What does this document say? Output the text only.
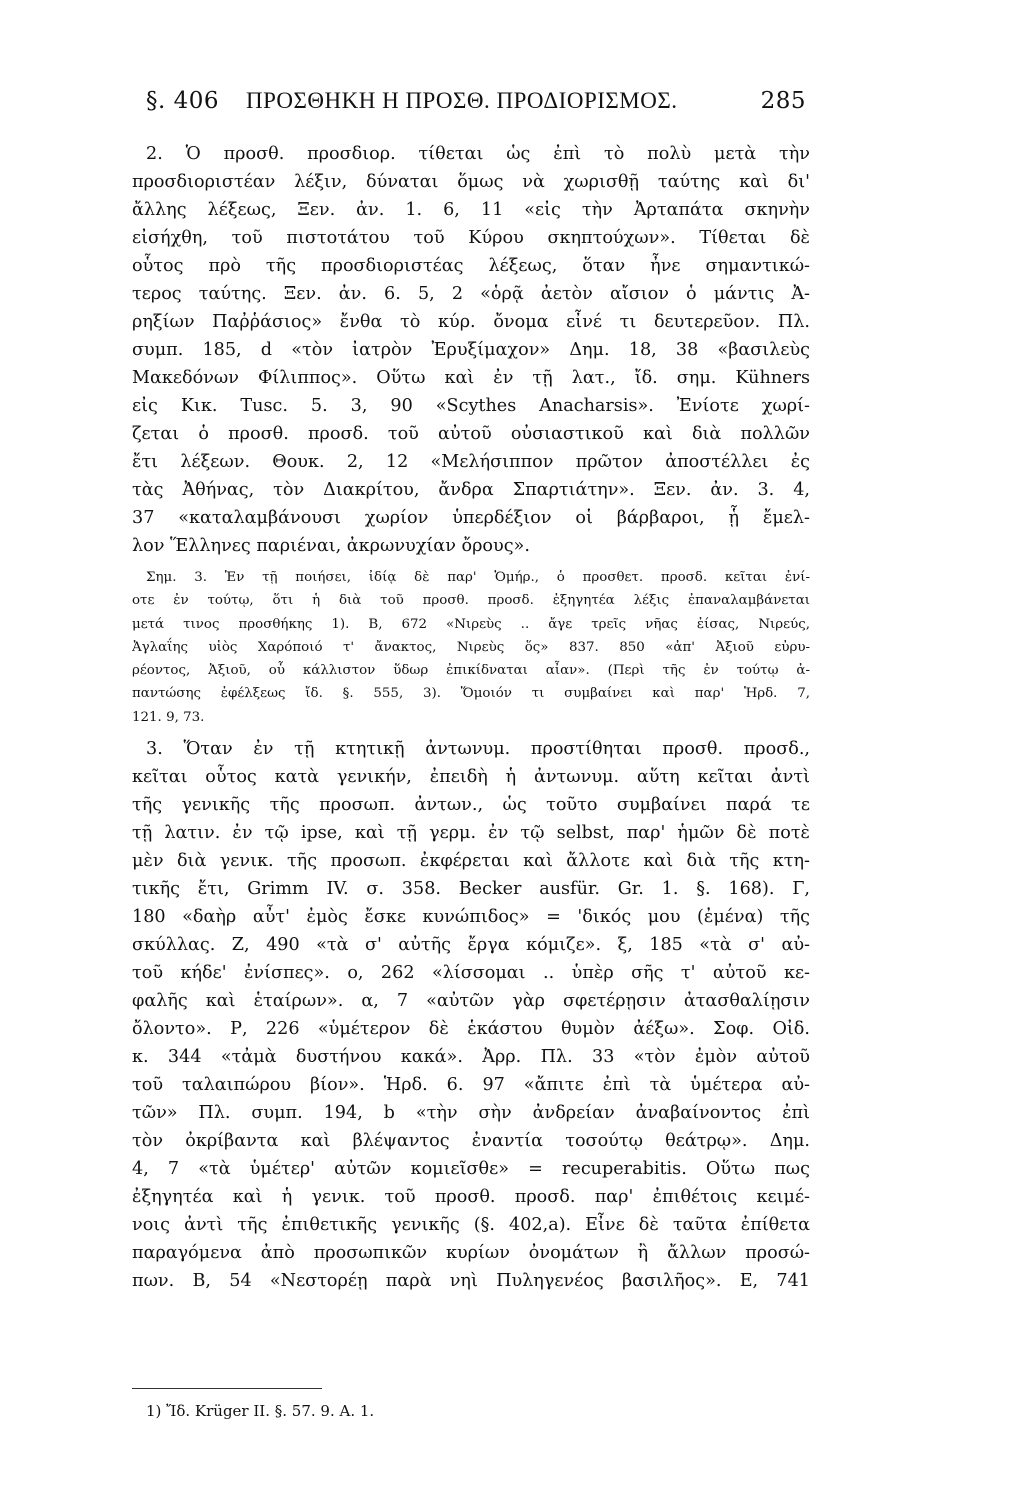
§. 406 ΠΡΟΣΘΗΚΗ Η ΠΡΟΣΘ. ΠΡΟΔΙΟΡΙΣΜΟΣ.	285
2. Ὁ προσθ. προσδιορ. τίθεται ὡς ἐπὶ τὸ πολὺ μετὰ τὴν
προσδιοριστέαν λέξιν, δύναται ὅμως νὰ χωρισθῇ ταύτης καὶ δι'
ἄλλης λέξεως, Ξεν. ἀν. 1. 6, 11 «εἰς τὴν Ἀρταπάτα σκηνὴν
εἰσήχθη, τοῦ πιστοτάτου τοῦ Κύρου σκηπτούχων». Τίθεται δὲ
οὗτος πρὸ τῆς προσδιοριστέας λέξεως, ὅταν ἦνε σημαντικώ-
τερος ταύτης. Ξεν. ἀν. 6. 5, 2 «ὁρᾷ ἀετὸν αἴσιον ὁ μάντις Ἀ-
ρηξίων Παῤῥάσιος» ἔνθα τὸ κύρ. ὄνομα εἶνέ τι δευτερεῦον. Πλ.
συμπ. 185, d «τὸν ἰατρὸν Ἐρυξίμαχον» Δημ. 18, 38 «βασιλεὺς
Μακεδόνων Φίλιππος». Οὕτω καὶ ἐν τῇ λατ., ἴδ. σημ. Kühners
εἰς Κικ. Tusc. 5. 3, 90 «Scythes Anacharsis». Ἐνίοτε χωρί-
ζεται ὁ προσθ. προσδ. τοῦ αὐτοῦ οὐσιαστικοῦ καὶ διὰ πολλῶν
ἔτι λέξεων. Θουκ. 2, 12 «Μελήσιππον πρῶτον ἀποστέλλει ἐς
τὰς Ἀθήνας, τὸν Διακρίτου, ἄνδρα Σπαρτιάτην». Ξεν. ἀν. 3. 4,
37 «καταλαμβάνουσι χωρίον ὑπερδέξιον οἱ βάρβαροι, ᾗ ἔμελ-
λον Ἕλληνες παριέναι, ἀκρωνυχίαν ὄρους».
Σημ. 3. Ἐν τῇ ποιήσει, ἰδίᾳ δὲ παρ' Ὁμήρ., ὁ προσθετ. προσδ. κεῖται ἐνί-
οτε ἐν τούτῳ, ὅτι ἡ διὰ τοῦ προσθ. προσδ. ἐξηγητέα λέξις ἐπαναλαμβάνεται
μετά τινος προσθήκης 1). Β, 672 «Νιρεὺς .. ἄγε τρεῖς νῆας ἐίσας, Νιρεύς,
Ἀγλαΐης υἱὸς Χαρόποιό τ' ἄνακτος, Νιρεὺς ὅς» 837. 850 «ἀπ' Ἀξιοῦ εὐρυ-
ρέοντος, Ἀξιοῦ, οὗ κάλλιστον ὕδωρ ἐπικίδναται αἶαν». (Περὶ τῆς ἐν τούτῳ ἀ-
παντώσης ἐφέλξεως ἴδ. §. 555, 3). Ὅμοιόν τι συμβαίνει καὶ παρ' Ἡρδ. 7,
121. 9, 73.
3. Ὅταν ἐν τῇ κτητικῇ ἀντωνυμ. προστίθηται προσθ. προσδ.,
κεῖται οὗτος κατὰ γενικήν, ἐπειδὴ ἡ ἀντωνυμ. αὕτη κεῖται ἀντὶ
τῆς γενικῆς τῆς προσωπ. ἀντων., ὡς τοῦτο συμβαίνει παρά τε
τῇ λατιν. ἐν τῷ ipse, καὶ τῇ γερμ. ἐν τῷ selbst, παρ' ἡμῶν δὲ ποτὲ
μὲν διὰ γενικ. τῆς προσωπ. ἐκφέρεται καὶ ἄλλοτε καὶ διὰ τῆς κτη-
τικῆς ἔτι, Grimm IV. σ. 358. Becker ausfür. Gr. 1. §. 168). Γ,
180 «δαὴρ αὖτ' ἐμὸς ἔσκε κυνώπιδος» = 'δικός μου (ἐμένα) τῆς
σκύλλας. Ζ, 490 «τὰ σ' αὐτῆς ἔργα κόμιζε». ξ, 185 «τὰ σ' αὐ-
τοῦ κήδε' ἐνίσπες». ο, 262 «λίσσομαι .. ὑπὲρ σῆς τ' αὐτοῦ κε-
φαλῆς καὶ ἑταίρων». α, 7 «αὐτῶν γὰρ σφετέρῃσιν ἀτασθαλίῃσιν
ὄλοντο». Ρ, 226 «ὑμέτερον δὲ ἑκάστου θυμὸν ἀέξω». Σοφ. Οἰδ.
κ. 344 «τἀμὰ δυστήνου κακά». Ἀρρ. Πλ. 33 «τὸν ἐμὸν αὐτοῦ
τοῦ ταλαιπώρου βίον». Ἡρδ. 6. 97 «ἄπιτε ἐπὶ τὰ ὑμέτερα αὐ-
τῶν» Πλ. συμπ. 194, b «τὴν σὴν ἀνδρείαν ἀναβαίνοντος ἐπὶ
τὸν ὀκρίβαντα καὶ βλέψαντος ἐναντία τοσούτῳ θεάτρῳ». Δημ.
4, 7 «τὰ ὑμέτερ' αὐτῶν κομιεῖσθε» = recuperabitis. Οὕτω πως
ἐξηγητέα καὶ ἡ γενικ. τοῦ προσθ. προσδ. παρ' ἐπιθέτοις κειμέ-
νοις ἀντὶ τῆς ἐπιθετικῆς γενικῆς (§. 402,a). Εἶνε δὲ ταῦτα ἐπίθετα
παραγόμενα ἀπὸ προσωπικῶν κυρίων ὀνομάτων ἢ ἄλλων προσώ-
πων. Β, 54 «Νεστορέῃ παρὰ νηὶ Πυληγενέος βασιλῆος». Ε, 741
1) Ἴδ. Krüger II. §. 57. 9. A. 1.
